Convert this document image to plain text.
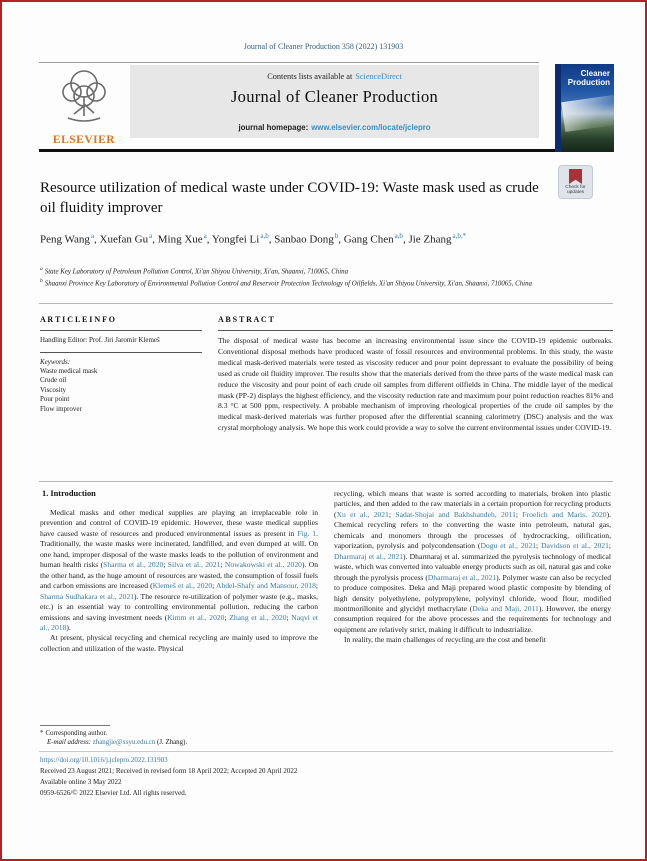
Journal of Cleaner Production 358 (2022) 131903
ELSEVIER
Contents lists available at ScienceDirect
Journal of Cleaner Production
journal homepage: www.elsevier.com/locate/jclepro
Cleaner
Production
Check for updates
Resource utilization of medical waste under COVID-19: Waste mask used as crude oil fluidity improver
Peng Wang$^a$, Xuefan Gu$^a$, Ming Xue$^a$, Yongfei Li$^{a,b}$, Sanbao Dong$^b$, Gang Chen$^{a,b}$, Jie Zhang$^{a,b,*}$
$^a$ State Key Laboratory of Petroleum Pollution Control, Xi'an Shiyou University, Xi'an, Shaanxi, 710065, China
$^b$ Shaanxi Province Key Laboratory of Environmental Pollution Control and Reservoir Protection Technology of Oilfields, Xi'an Shiyou University, Xi'an, Shaanxi, 710065, China
A R T I C L E I N F O
Handling Editor: Prof. Jiri Jaromir Klemeš
Keywords:
Waste medical mask
Crude oil
Viscosity
Pour point
Flow improver
A B S T R A C T
The disposal of medical waste has become an increasing environmental issue since the COVID-19 epidemic outbreaks. Conventional disposal methods have produced waste of fossil resources and environmental problems. In this study, the waste medical mask-derived materials were tested as viscosity reducer and pour point depressant to evaluate the possibility of being used as crude oil fluidity improver. The results show that the materials derived from the three parts of the waste medical mask can reduce the viscosity and pour point of each crude oil samples from different oilfields in China. The middle layer of the medical mask (PP-2) displays the highest efficiency, and the viscosity reduction rate and maximum pour point reduction reaches 81% and 8.3 °C at 500 ppm, respectively. A probable mechanism of improving rheological properties of the crude oil samples by the medical mask-derived materials was further proposed after the differential scanning calorimetry (DSC) analysis and the wax crystal morphology analysis. We hope this work could provide a way to solve the current environmental issues under COVID-19.
1. Introduction

Medical masks and other medical supplies are playing an irreplaceable role in prevention and control of COVID-19 epidemic. However, these waste medical supplies have caused waste of resources and produced environmental issues as present in Fig. 1. Traditionally, the waste masks were incinerated, landfilled, and even dumped at will. On one hand, improper disposal of the waste masks leads to the pollution of environment and human health risks (Sharma et al., 2020; Silva et al., 2021; Nowakowski et al., 2020). On the other hand, as the huge amount of resources are wasted, the consumption of fossil fuels and carbon emissions are increased (Klemeš et al., 2020; Abdel-Shafy and Mansour, 2018; Sharma Sudhakara et al., 2021). The resource re-utilization of polymer waste (e.g., masks, etc.) is an essential way to controlling environmental pollution, reducing the carbon emissions and saving investment needs (Kimm et al., 2020; Zhang et al., 2020; Naqvi et al., 2018).

At present, physical recycling and chemical recycling are mainly used to improve the collection and utilization of the waste. Physical

recycling, which means that waste is sorted according to materials, broken into plastic particles, and then added to the raw materials in a certain proportion for recycling products (Xu et al., 2021; Sadat-Shojai and Bakhshandeh, 2011; Froelich and Maris, 2020). Chemical recycling refers to the converting the waste into petroleum, natural gas, chemicals and monomers through the processes of hydrocracking, oilification, vaporization, pyrolysis and polycondensation (Dogu et al., 2021; Davidson et al., 2021; Dharmaraj et al., 2021). Dharmaraj et al. summarized the pyrolysis technology of medical waste, which was converted into valuable energy products such as oil, natural gas and coke through the pyrolysis process (Dharmaraj et al., 2021). Polymer waste can also be recycled to produce composites. Deka and Maji prepared wood plastic composite by blending of high density polyethylene, polypropylene, polyvinyl chloride, wood flour, modified montmorillonite and glycidyl methacrylate (Deka and Maji, 2011). However, the energy consumption required for the above processes and the requirements for technology and equipment are relatively strict, making it difficult to industrialize.

In reality, the main challenges of recycling are the cost and benefit

* Corresponding author.
E-mail address: zhangjie@xsyu.edu.cn (J. Zhang).
https://doi.org/10.1016/j.jclepro.2022.131903
Received 23 August 2021; Received in revised form 18 April 2022; Accepted 20 April 2022
Available online 3 May 2022
0959-6526/© 2022 Elsevier Ltd. All rights reserved.
